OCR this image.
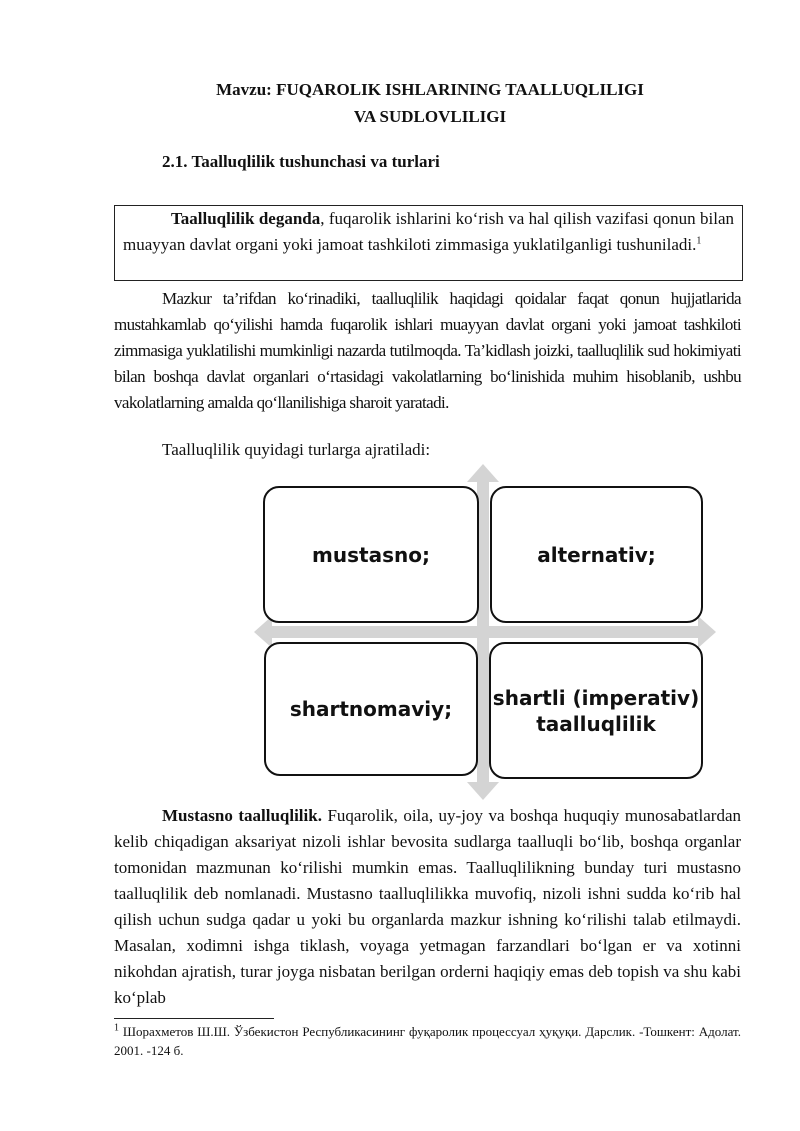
Mavzu: FUQAROLIK ISHLARINING TAALLUQLILIGI
VA SUDLOVLILIGI
2.1. Taalluqlilik tushunchasi va turlari
Taalluqlilik deganda, fuqarolik ishlarini ko‘rish va hal qilish vazifasi qonun bilan muayyan davlat organi yoki jamoat tashkiloti zimmasiga yuklatilganligi tushuniladi.$^1$
Mazkur ta’rifdan ko‘rinadiki, taalluqlilik haqidagi qoidalar faqat qonun hujjatlarida mustahkamlab qo‘yilishi hamda fuqarolik ishlari muayyan davlat organi yoki jamoat tashkiloti zimmasiga yuklatilishi mumkinligi nazarda tutilmoqda. Ta’kidlash joizki, taalluqlilik sud hokimiyati bilan boshqa davlat organlari o‘rtasidagi vakolatlarning bo‘linishida muhim hisoblanib, ushbu vakolatlarning amalda qo‘llanilishiga sharoit yaratadi.
Taalluqlilik quyidagi turlarga ajratiladi:
mustasno;	alternativ;
shartnomaviy; shartli (imperativ)
taalluqlilik
Mustasno taalluqlilik. Fuqarolik, oila, uy-joy va boshqa huquqiy munosabatlardan kelib chiqadigan aksariyat nizoli ishlar bevosita sudlarga taalluqli bo‘lib, boshqa organlar tomonidan mazmunan ko‘rilishi mumkin emas. Taalluqlilikning bunday turi mustasno taalluqlilik deb nomlanadi. Mustasno taalluqlilikka muvofiq, nizoli ishni sudda ko‘rib hal qilish uchun sudga qadar u yoki bu organlarda mazkur ishning ko‘rilishi talab etilmaydi. Masalan, xodimni ishga tiklash, voyaga yetmagan farzandlari bo‘lgan er va xotinni nikohdan ajratish, turar joyga nisbatan berilgan orderni haqiqiy emas deb topish va shu kabi ko‘plab
$^1$ Шорахметов Ш.Ш. Ўзбекистон Республикасининг фуқаролик процессуал ҳуқуқи. Дарслик. -Тошкент: Адолат. 2001. -124 б.
